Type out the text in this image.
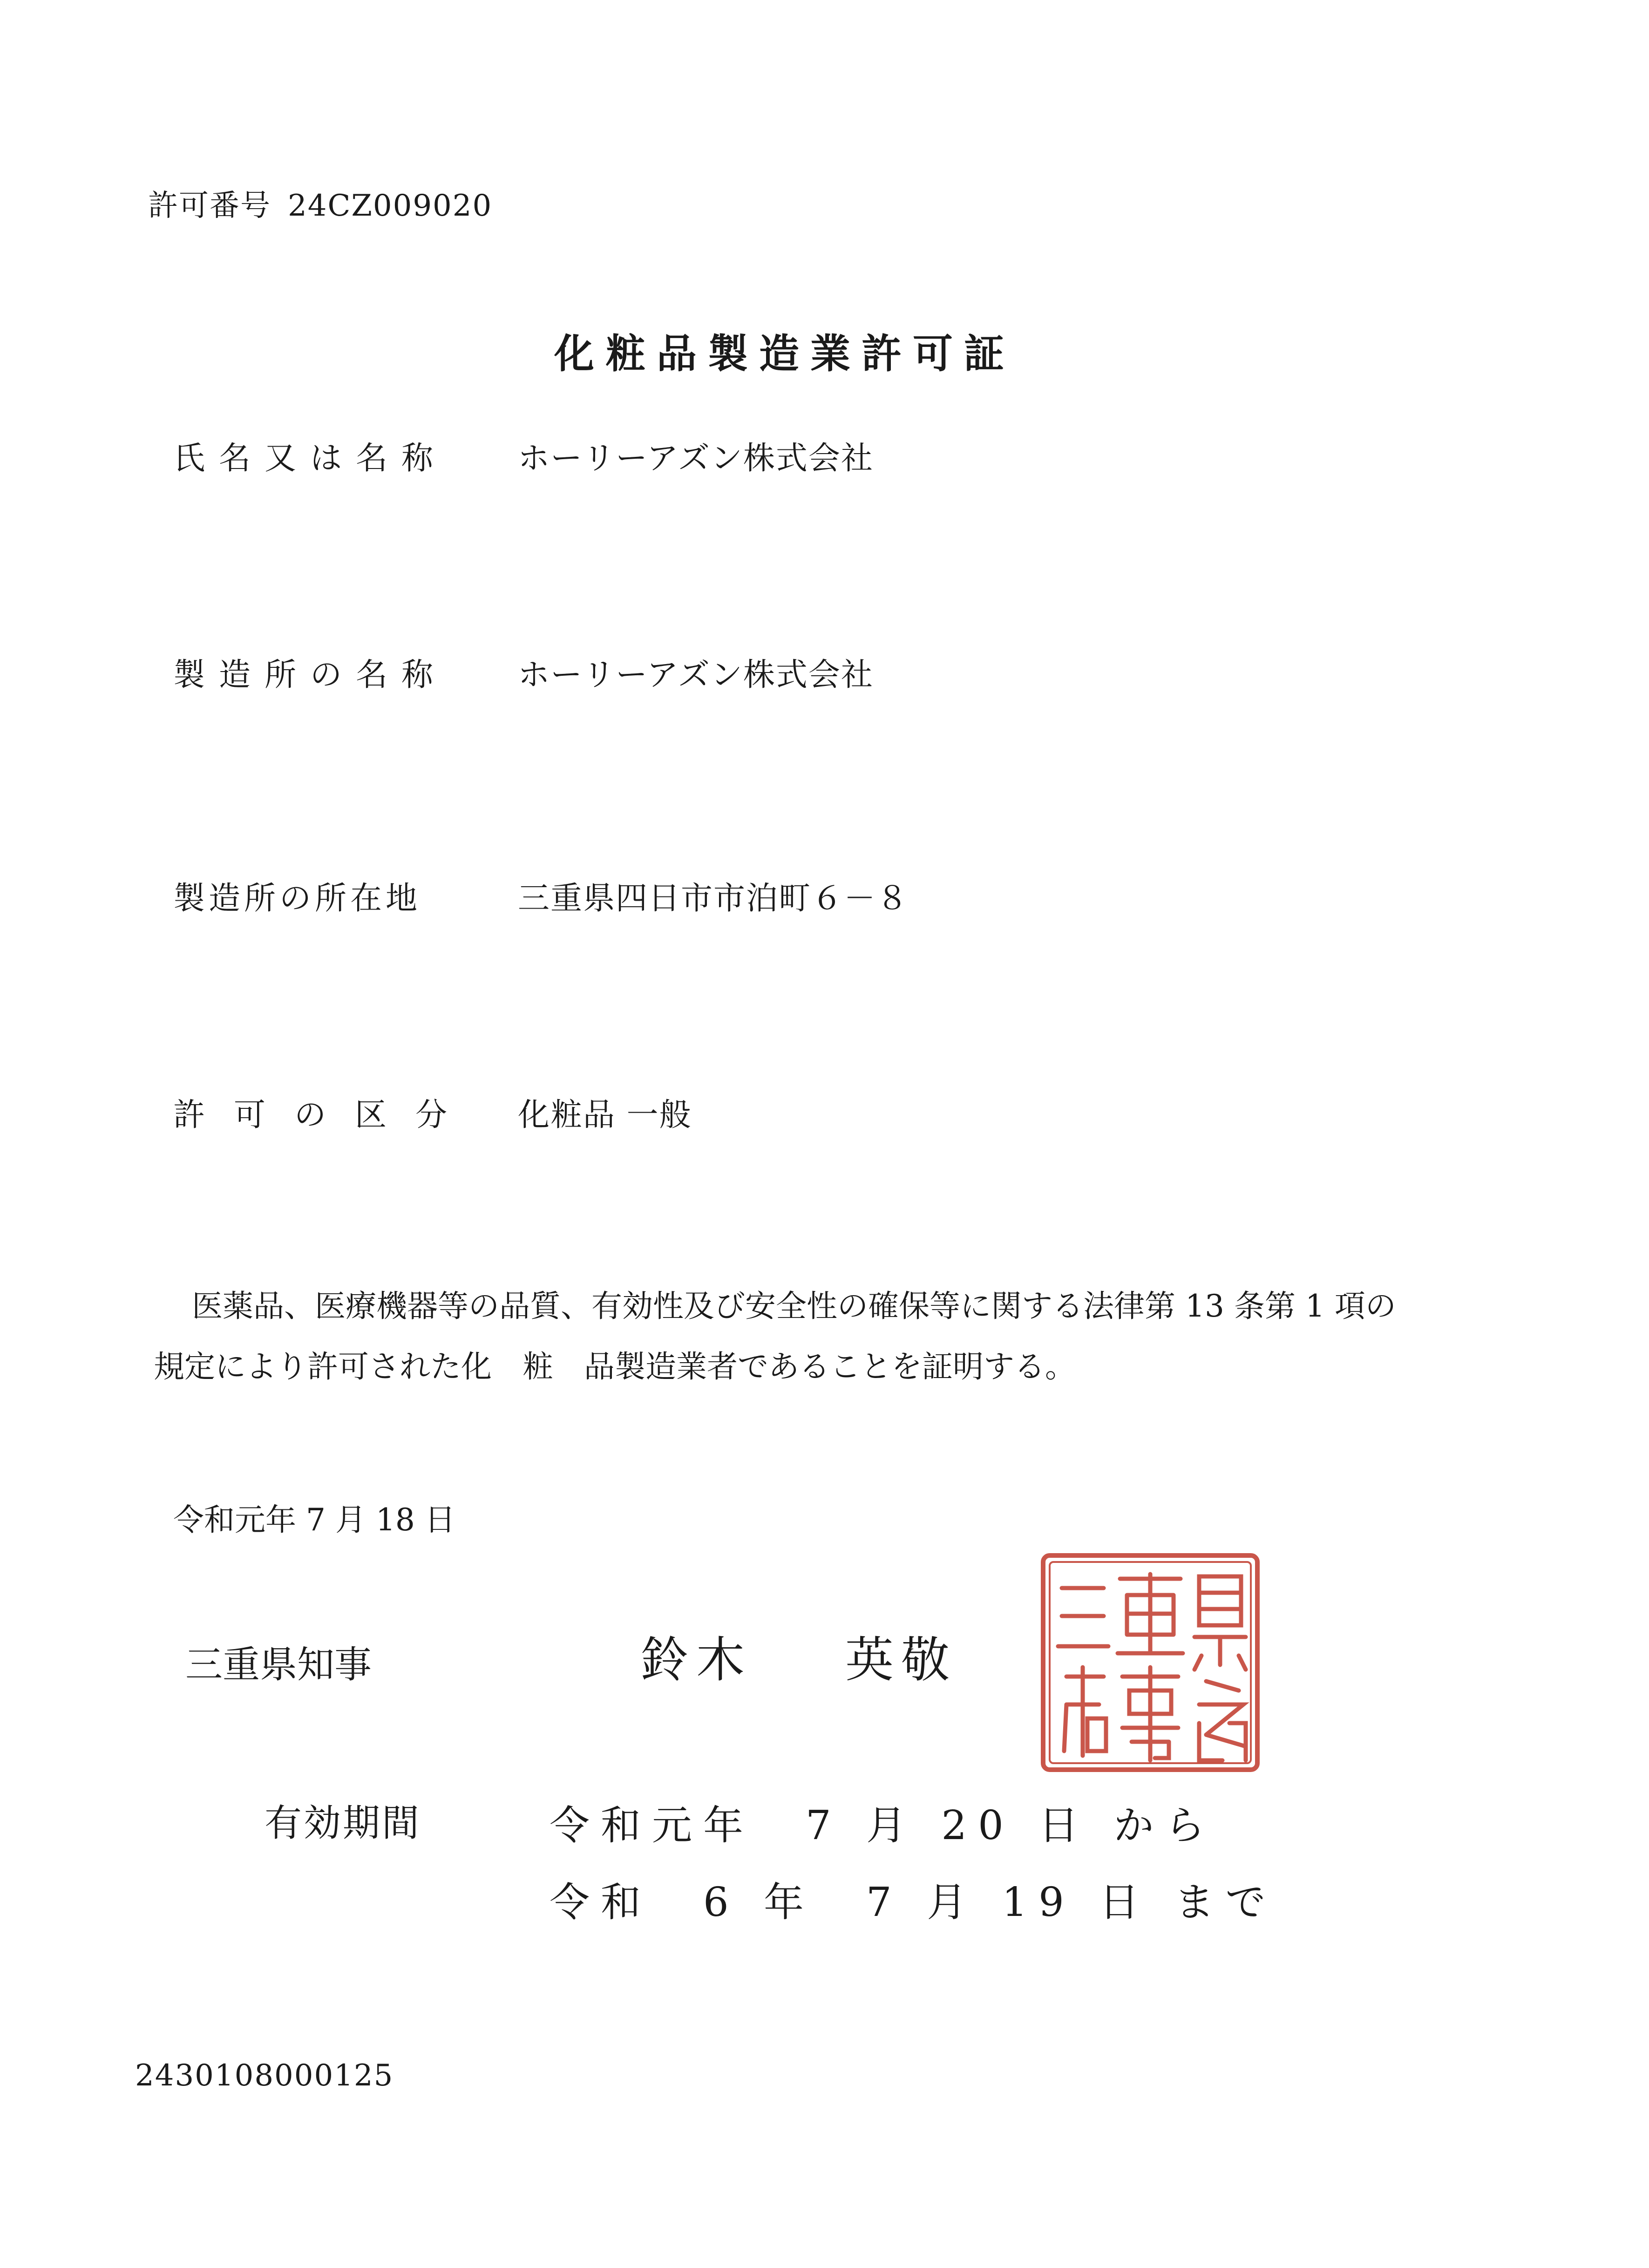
許可番号 24CZ009020
化粧品製造業許可証
氏名又は名称 ホーリーアズン株式会社
製造所の名称 ホーリーアズン株式会社
製造所の所在地	三重県四日市市泊町６－８
許可の区分 化粧品 一般
医薬品、医療機器等の品質、有効性及び安全性の確保等に関する法律第 13 条第 1 項の
規定により許可された化　粧　品製造業者であることを証明する。
令和元年 7 月 18 日
三重県知事	鈴木 英敬
有効期間	令和元年　7 月 20 日 から
令和　6 年　7 月 19 日 まで
2430108000125
